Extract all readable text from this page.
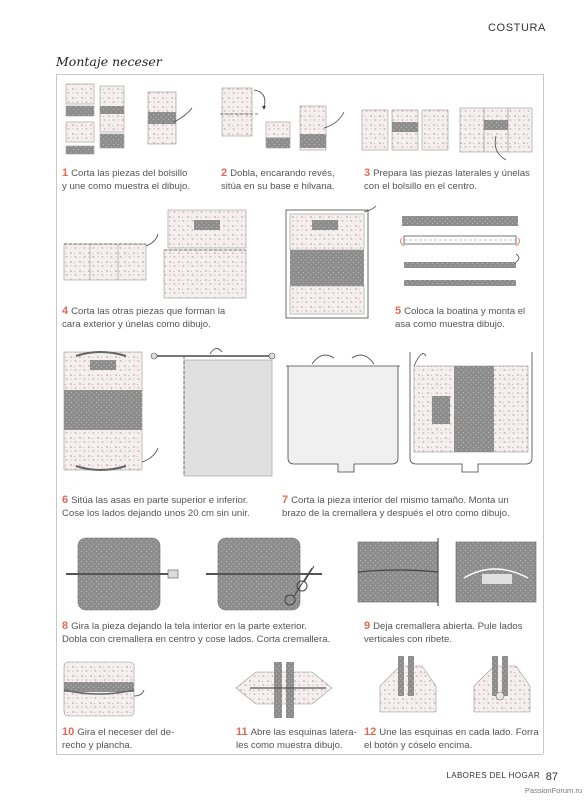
COSTURA
Montaje neceser
1 Corta las piezas del bolsillo
y une como muestra el dibujo.
2 Dobla, encarando revés,
sitúa en su base e hilvana.
3 Prepara las piezas laterales y únelas
con el bolsillo en el centro.
4 Corta las otras piezas que forman la
cara exterior y únelas como dibujo.
5 Coloca la boatina y monta el
asa como muestra dibujo.
6 Sitúa las asas en parte superior e inferior.
Cose los lados dejando unos 20 cm sin unir.
7 Corta la pieza interior del mismo tamaño. Monta un
brazo de la cremallera y después el otro como dibujo.
8 Gira la pieza dejando la tela interior en la parte exterior.
Dobla con cremallera en centro y cose lados. Corta cremallera.
9 Deja cremallera abierta. Pule lados
verticales con ribete.
10 Gira el neceser del de-
recho y plancha.
11 Abre las esquinas latera-
les como muestra dibujo.
12 Une las esquinas en cada lado. Forra
el botón y cóselo encima.
LABORES DEL HOGAR 87
PassionForum.ru
